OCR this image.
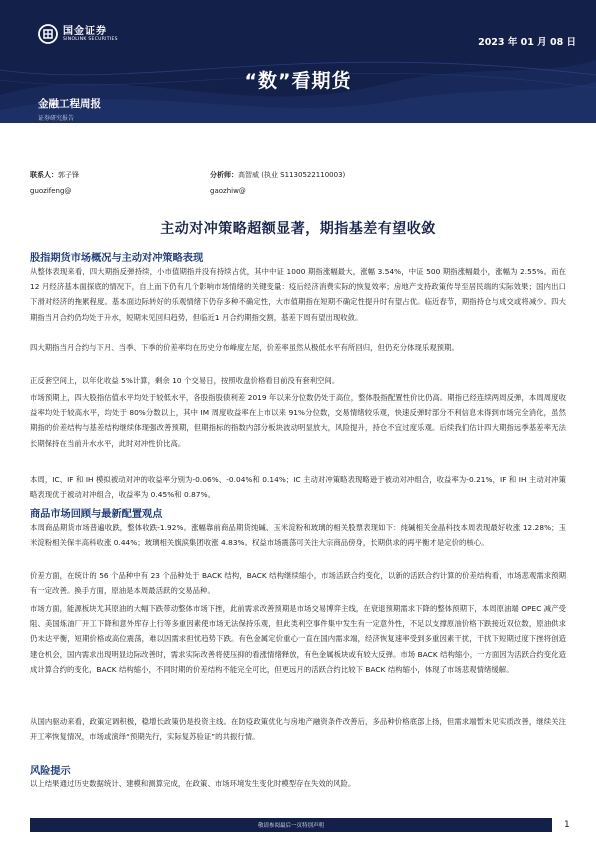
国金证券
SINOLINK SECURITIES	2023 年 01 月 08 日
“数”看期货
金融工程周报
证券研究报告
联系人：郭子锋
guozifeng@
分析师：高智威 (执业 S1130522110003)
gaozhiw@
主动对冲策略超额显著，期指基差有望收敛
股指期货市场概况与主动对冲策略表现
从整体表现来看，四大期指反弹持续，小市值期指并没有持续占优，其中中证 1000 期指涨幅最大，涨幅 3.54%，中证 500 期指涨幅最小，涨幅为 2.55%。而在 12 月经济基本面探底的情况下，自上而下仍有几个影响市场情绪的关键变量：疫后经济消费实际的恢复效率；房地产支持政策传导至居民端的实际效果；国内出口下滑对经济的拖累程度。基本面边际转好的乐观情绪下仍存多种不确定性，大市值期指在短期不确定性提升时有望占优。临近春节，期指持仓与成交或将减少。四大期指当月合约仍均处于升水，短期未见回归趋势，但临近1 月合约期指交割，基差下周有望出现收敛。
四大期指当月合约与下月、当季、下季的价差率均在历史分布峰度左尾，价差率虽然从极低水平有所回归，但仍充分体现乐观预期。
正反套空间上，以年化收益 5%计算，剩余 10 个交易日，按照收盘价格看目前没有套利空间。
市场预期上，四大股指估值水平均处于较低水平，各股指股债利差 2019 年以来分位数仍处于高位，整体股指配置性价比仍高。期指已经连续两周反弹，本周周度收益率均处于较高水平，均处于 80%分数以上，其中 IM 周度收益率在上市以来 91%分位数，交易情绪较乐观，快速反弹时部分不利信息未得到市场完全消化，虽然期指的价差结构与基差结构继续体现强改善预期，但期指标的指数内部分板块波动明显放大，风险提升，持仓不宜过度乐观。后续我们估计四大期指远季基差率无法长期保持在当前升水水平，此时对冲性价比高。
本周，IC、IF 和 IH 模拟被动对冲的收益率分别为-0.06%、-0.04%和 0.14%；IC 主动对冲策略表现略逊于被动对冲组合，收益率为-0.21%，IF 和 IH 主动对冲策略表现优于被动对冲组合，收益率为 0.45%和 0.87%。
商品市场回顾与最新配置观点
本周商品期货市场普遍收跌，整体收跌-1.92%。涨幅靠前商品期货纯碱、玉米淀粉和玻璃的相关股票表现如下：纯碱相关金晶科技本周表现最好收涨 12.28%；玉米淀粉相关保丰高科收涨 0.44%；玻璃相关旗滨集团收涨 4.83%。权益市场震荡可关注大宗商品傍身，长期供求的再平衡才是定价的核心。
价差方面，在统计的 56 个品种中有 23 个品种处于 BACK 结构，BACK 结构继续缩小，市场活跃合约变化，以新的活跃合约计算的价差结构看，市场悲观需求预期有一定改善。换手方面，原油是本周最活跃的交易品种。
市场方面，能源板块尤其原油的大幅下跌带动整体市场下挫，此前需求改善预期是市场交易博弈主线，在衰退预期需求下降的整体预期下，本周原油端 OPEC 减产受阻、美国炼油厂开工下降和意外库存上行等多重因素使市场无法保持乐观，但此类利空事件集中发生有一定意外性，不足以支撑原油价格下跌接近双位数，原油供求仍未达平衡，短期价格或高位震荡，难以因需求担忧趋势下跌。有色金属定价重心一直在国内需求端，经济恢复速率受到多重因素干扰，干扰下短期过度下挫将创造建仓机会，国内需求出现明显边际改善时，需求实际改善将使压抑的看涨情绪释放，有色金属板块或有较大反弹。市场 BACK 结构缩小，一方面因为活跃合约变化造成计算合约的变化，BACK 结构缩小，不同时期的价差结构不能完全可比，但更远月的活跃合约比较下 BACK 结构缩小，体现了市场悲观情绪缓解。
从国内驱动来看，政策定调积极，稳增长政策仍是投资主线。在防疫政策优化与房地产融资条件改善后，多品种价格底部上扬，但需求端暂未见实质改善，继续关注开工率恢复情况，市场或演绎“预期先行，实际复苏验证”的共振行情。
风险提示
以上结果通过历史数据统计、建模和测算完成，在政策、市场环境发生变化时模型存在失效的风险。
敬请参阅最后一页特别声明	1
